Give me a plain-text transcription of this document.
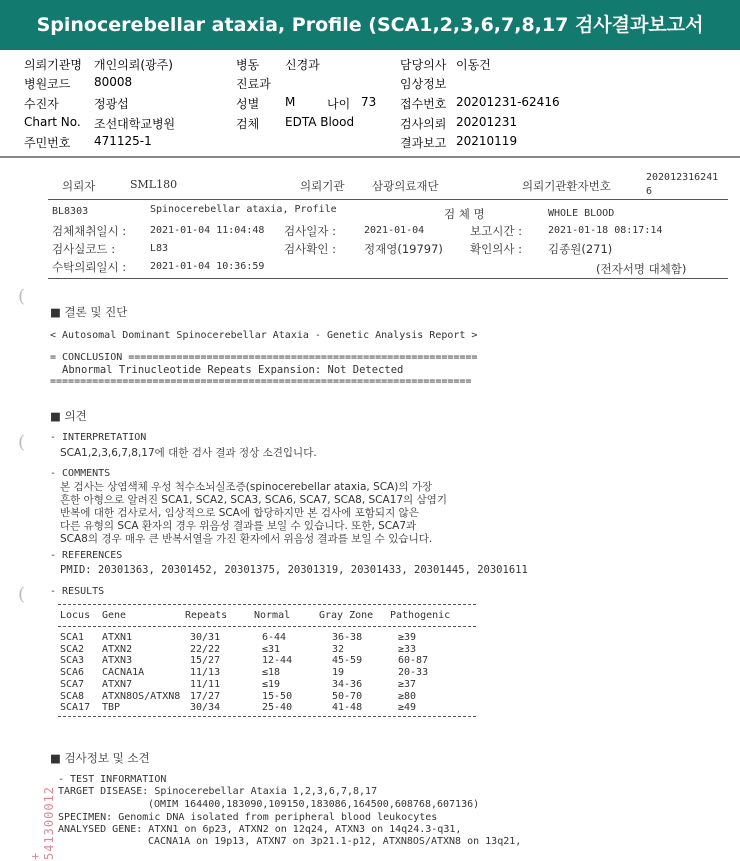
Spinocerebellar ataxia, Profile (SCA1,2,3,6,7,8,17 검사결과보고서
의뢰기관명 개인의뢰(광주)
병원코드 80008
수진자	정광섭
Chart No. 조선대학교병원
주민번호 471125-1
병동 신경과
진료과
성별 M	나이 73
검체 EDTA Blood
담당의사 이동건
임상정보
접수번호 20201231-62416
검사의뢰 20201231
결과보고 20210119
의뢰자	SML180	의뢰기관 삼광의료재단	의뢰기관환자번호
202012316241
6
BL8303	Spinocerebellar ataxia, Profile	검 체 명	WHOLE BLOOD
검체채취일시 : 2021-01-04 11:04:48 검사일자 :	2021-01-04	보고시간 :	2021-01-18 08:17:14
검사실코드 :	L83	검사확인 : 정재영(19797) 확인의사 : 김종원(271)
수탁의뢰일시 : 2021-01-04 10:36:59	(전자서명 대체함)
(
(
(
■ 결론 및 진단
< Autosomal Dominant Spinocerebellar Ataxia - Genetic Analysis Report >
= CONCLUSION ==========================================================
Abnormal Trinucleotide Repeats Expansion: Not Detected
======================================================================
■ 의견
- INTERPRETATION
SCA1,2,3,6,7,8,17에 대한 검사 결과 정상 소견입니다.
- COMMENTS
본 검사는 상염색체 우성 척수소뇌실조증(spinocerebellar ataxia, SCA)의 가장
흔한 아형으로 알려진 SCA1, SCA2, SCA3, SCA6, SCA7, SCA8, SCA17의 삼염기
반복에 대한 검사로서, 임상적으로 SCA에 합당하지만 본 검사에 포함되지 않은
다른 유형의 SCA 환자의 경우 위음성 결과를 보일 수 있습니다. 또한, SCA7과
SCA8의 경우 매우 큰 반복서열을 가진 환자에서 위음성 결과를 보일 수 있습니다.
- REFERENCES
PMID: 20301363, 20301452, 20301375, 20301319, 20301433, 20301445, 20301611
- RESULTS
Locus Gene	Repeats	Normal	Gray Zone Pathogenic
SCA1 ATXN1	30/31	6-44	36-38	≥39
SCA2 ATXN2	22/22	≤31	32	≥33
SCA3 ATXN3	15/27	12-44	45-59	60-87
SCA6 CACNA1A	11/13	≤18	19	20-33
SCA7 ATXN7	11/11	≤19	34-36	≥37
SCA8 ATXN8OS/ATXN8 17/27	15-50	50-70	≥80
SCA17 TBP	30/34	25-40	41-48	≥49
■ 검사정보 및 소견
- TEST INFORMATION
TARGET DISEASE: Spinocerebellar Ataxia 1,2,3,6,7,8,17
(OMIM 164400,183090,109150,183086,164500,608768,607136)
SPECIMEN: Genomic DNA isolated from peripheral blood leukocytes
ANALYSED GENE: ATXN1 on 6p23, ATXN2 on 12q24, ATXN3 on 14q24.3-q31,
CACNA1A on 19p13, ATXN7 on 3p21.1-p12, ATXN8OS/ATXN8 on 13q21,
+ 541300012
